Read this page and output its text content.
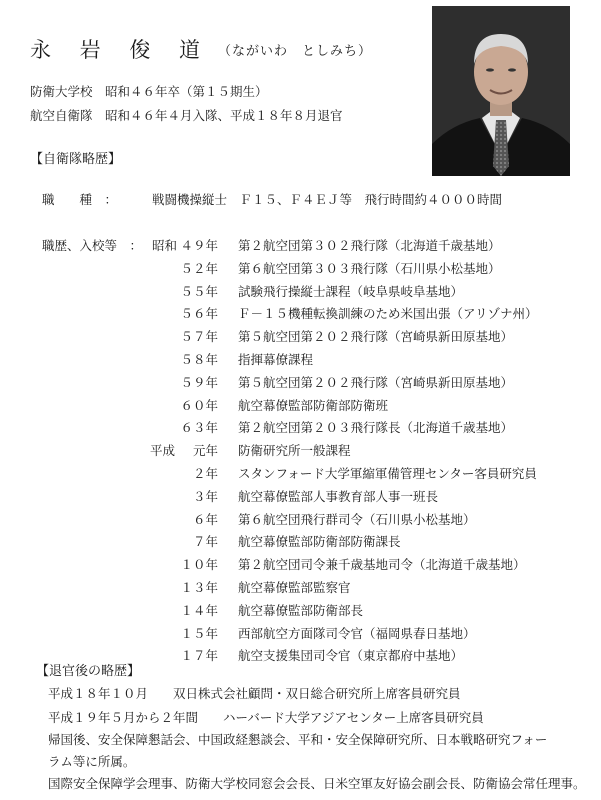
永 岩 俊 道 （ながいわ　としみち）
防衛大学校　昭和４６年卒（第１５期生）
航空自衛隊　昭和４６年４月入隊、平成１８年８月退官
【自衛隊略歴】
職　　種　：	戦闘機操縦士　Ｆ１５、Ｆ４ＥＪ等　飛行時間約４０００時間
職歴、入校等　： 昭和 ４９年 第２航空団第３０２飛行隊（北海道千歳基地）
５２年 第６航空団第３０３飛行隊（石川県小松基地）
５５年 試験飛行操縦士課程（岐阜県岐阜基地）
５６年 Ｆ－１５機種転換訓練のため米国出張（アリゾナ州）
５７年 第５航空団第２０２飛行隊（宮崎県新田原基地）
５８年 指揮幕僚課程
５９年 第５航空団第２０２飛行隊（宮崎県新田原基地）
６０年 航空幕僚監部防衛部防衛班
６３年 第２航空団第２０３飛行隊長（北海道千歳基地）
平成	元年 防衛研究所一般課程
２年 スタンフォード大学軍縮軍備管理センター客員研究員
３年 航空幕僚監部人事教育部人事一班長
６年 第６航空団飛行群司令（石川県小松基地）
７年 航空幕僚監部防衛部防衛課長
１０年 第２航空団司令兼千歳基地司令（北海道千歳基地）
１３年 航空幕僚監部監察官
１４年 航空幕僚監部防衛部長
１５年 西部航空方面隊司令官（福岡県春日基地）
１７年 航空支援集団司令官（東京都府中基地）
【退官後の略歴】
平成１８年１０月　　双日株式会社顧問・双日総合研究所上席客員研究員
平成１９年５月から２年間　　ハーバード大学アジアセンター上席客員研究員
帰国後、安全保障懇話会、中国政経懇談会、平和・安全保障研究所、日本戦略研究フォー
ラム等に所属。
国際安全保障学会理事、防衛大学校同窓会会長、日米空軍友好協会副会長、防衛協会常任理事。
